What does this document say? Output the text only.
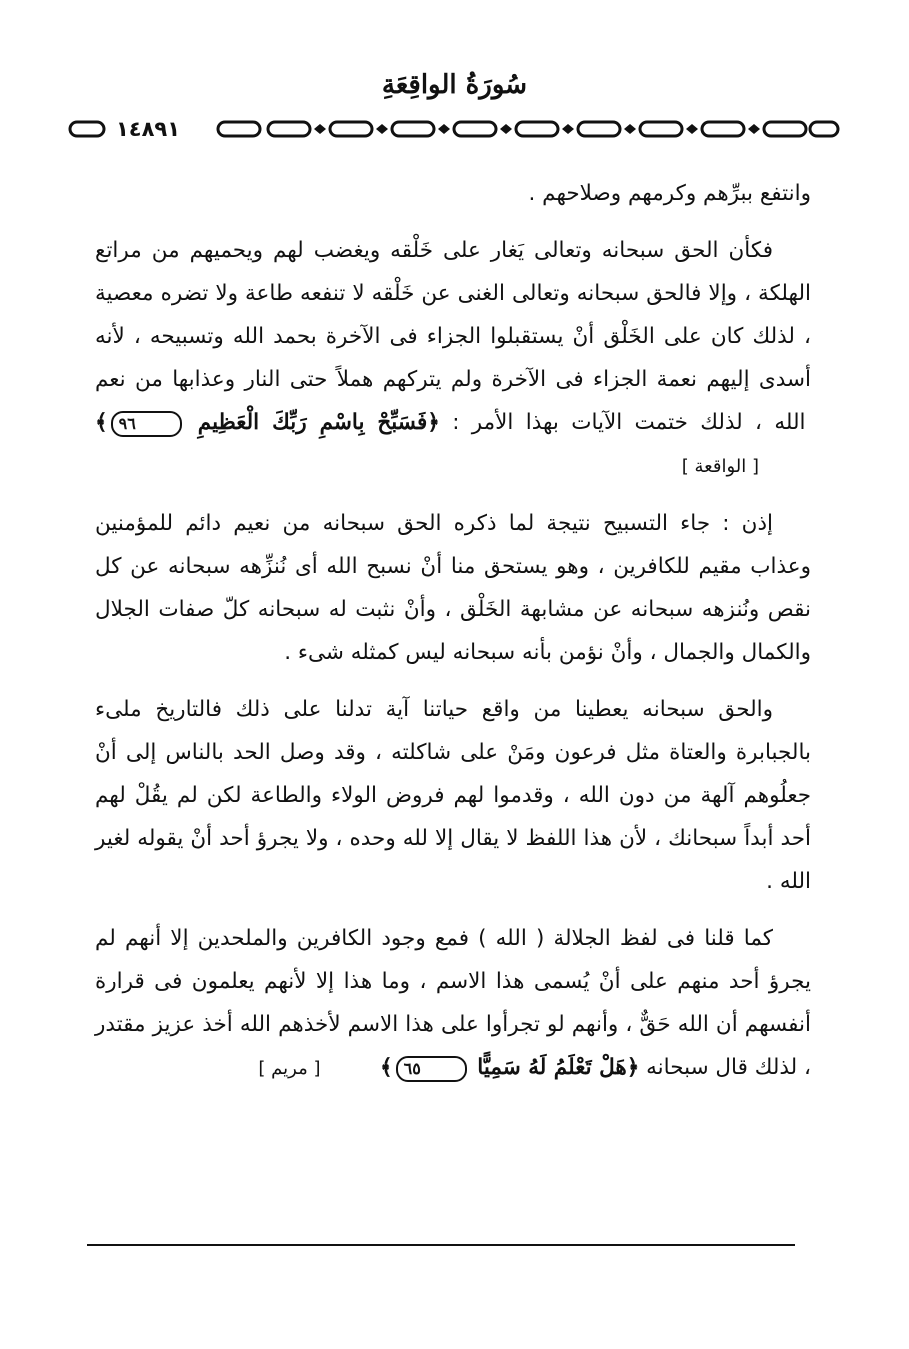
سُورَةُ الواقِعَةِ
١٤٨٩١

وانتفع ببرِّهم وكرمهم وصلاحهم .

فكأن الحق سبحانه وتعالى يَغار على خَلْقه ويغضب لهم ويحميهم من مراتع الهلكة ، وإلا فالحق سبحانه وتعالى الغنى عن خَلْقه لا تنفعه طاعة ولا تضره معصية ، لذلك كان على الخَلْق أنْ يستقبلوا الجزاء فى الآخرة بحمد الله وتسبيحه ، لأنه أسدى إليهم نعمة الجزاء فى الآخرة ولم يتركهم هملاً حتى النار وعذابها من نعم الله ، لذلك ختمت الآيات بهذا الأمر : ﴿فَسَبِّحْ بِاسْمِ رَبِّكَ الْعَظِيمِ ٩٦﴾ [ الواقعة ]

إذن : جاء التسبيح نتيجة لما ذكره الحق سبحانه من نعيم دائم للمؤمنين وعذاب مقيم للكافرين ، وهو يستحق منا أنْ نسبح الله أى نُنزِّهه سبحانه عن كل نقص ونُنزهه سبحانه عن مشابهة الخَلْق ، وأنْ نثبت له سبحانه كلّ صفات الجلال والكمال والجمال ، وأنْ نؤمن بأنه سبحانه ليس كمثله شىء .

والحق سبحانه يعطينا من واقع حياتنا آية تدلنا على ذلك فالتاريخ ملىء بالجبابرة والعتاة مثل فرعون ومَنْ على شاكلته ، وقد وصل الحد بالناس إلى أنْ جعلُوهم آلهة من دون الله ، وقدموا لهم فروض الولاء والطاعة لكن لم يقُلْ لهم أحد أبداً سبحانك ، لأن هذا اللفظ لا يقال إلا لله وحده ، ولا يجرؤ أحد أنْ يقوله لغير الله .

كما قلنا فى لفظ الجلالة ( الله ) فمع وجود الكافرين والملحدين إلا أنهم لم يجرؤ أحد منهم على أنْ يُسمى هذا الاسم ، وما هذا إلا لأنهم يعلمون فى قرارة أنفسهم أن الله حَقٌّ ، وأنهم لو تجرأوا على هذا الاسم لأخذهم الله أخذ عزيز مقتدر ، لذلك قال سبحانه ﴿هَلْ تَعْلَمُ لَهُ سَمِيًّا ٦٥﴾ [ مريم ]
